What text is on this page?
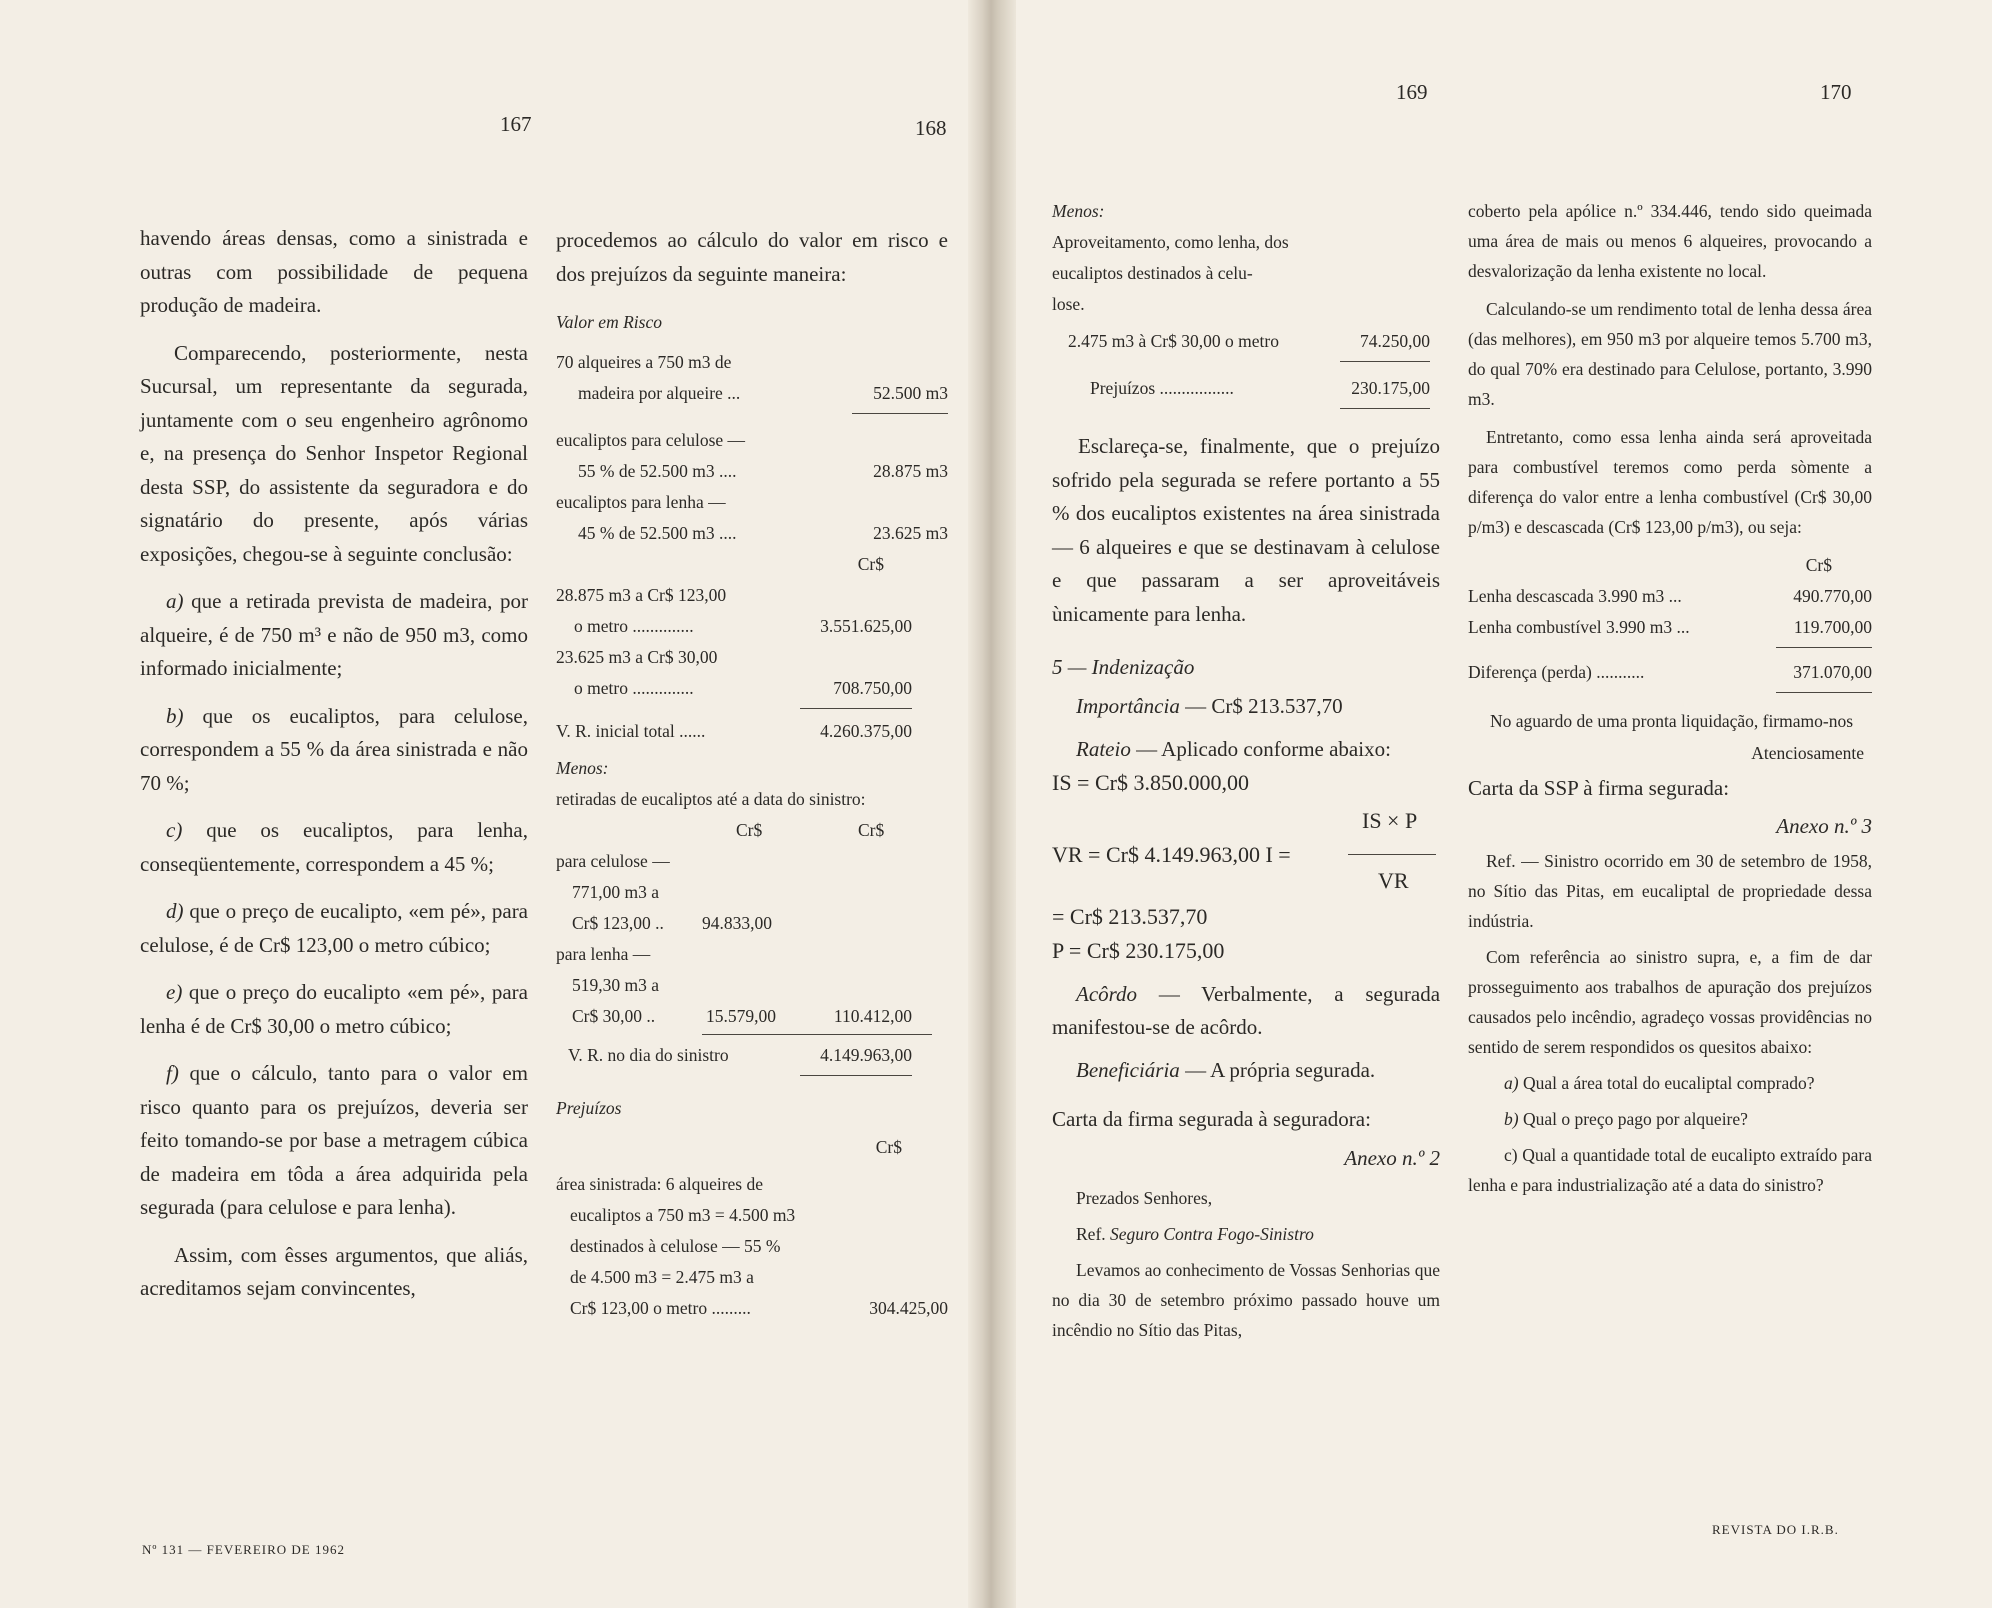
167	168
169	170

havendo áreas densas, como a sinistrada e outras com possibilidade de pequena produção de madeira.

Comparecendo, posteriormente, nesta Sucursal, um representante da segurada, juntamente com o seu engenheiro agrônomo e, na presença do Senhor Inspetor Regional desta SSP, do assistente da seguradora e do signatário do presente, após várias exposições, chegou-se à seguinte conclusão:

a) que a retirada prevista de madeira, por alqueire, é de 750 m³ e não de 950 m3, como informado inicialmente;

b) que os eucaliptos, para celulose, correspondem a 55 % da área sinistrada e não 70 %;

c) que os eucaliptos, para lenha, conseqüentemente, correspondem a 45 %;

d) que o preço de eucalipto, «em pé», para celulose, é de Cr$ 123,00 o metro cúbico;

e) que o preço do eucalipto «em pé», para lenha é de Cr$ 30,00 o metro cúbico;

f) que o cálculo, tanto para o valor em risco quanto para os prejuízos, deveria ser feito tomando-se por base a metragem cúbica de madeira em tôda a área adquirida pela segurada (para celulose e para lenha).

Assim, com êsses argumentos, que aliás, acreditamos sejam convincentes,

procedemos ao cálculo do valor em risco e dos prejuízos da seguinte maneira:

Valor em Risco
70 alqueires a 750 m3 de
madeira por alqueire ...	52.500 m3
eucaliptos para celulose —
55 % de 52.500 m3 ....	28.875 m3
eucaliptos para lenha —
45 % de 52.500 m3 ....	23.625 m3
Cr$
28.875 m3 a Cr$ 123,00
o metro ..............	3.551.625,00
23.625 m3 a Cr$ 30,00
o metro ..............	708.750,00
V. R. inicial total ......	4.260.375,00
Menos:
retiradas de eucaliptos até a data do sinistro:
Cr$	Cr$
para celulose —
771,00 m3 a
Cr$ 123,00 .. 94.833,00
para lenha —
519,30 m3 a
Cr$ 30,00 ..	15.579,00	110.412,00
V. R. no dia do sinistro	4.149.963,00
Prejuízos
Cr$
área sinistrada: 6 alqueires de
eucaliptos a 750 m3 = 4.500 m3
destinados à celulose — 55 %
de 4.500 m3 = 2.475 m3 a
Cr$ 123,00 o metro .........	304.425,00
Menos:
Aproveitamento, como lenha, dos
eucaliptos destinados à celu-
lose.
2.475 m3 à Cr$ 30,00 o metro	74.250,00
Prejuízos .................	230.175,00

Esclareça-se, finalmente, que o prejuízo sofrido pela segurada se refere portanto a 55 % dos eucaliptos existentes na área sinistrada — 6 alqueires e que se destinavam à celulose e que passaram a ser aproveitáveis ùnicamente para lenha.

5 — Indenização
Importância — Cr$ 213.537,70
Rateio — Aplicado conforme abaixo:
IS = Cr$ 3.850.000,00
IS × P
VR = Cr$ 4.149.963,00 I =
VR
= Cr$ 213.537,70
P = Cr$ 230.175,00

Acôrdo — Verbalmente, a segurada manifestou-se de acôrdo.

Beneficiária — A própria segurada.

Carta da firma segurada à seguradora:
Anexo n.º 2
Prezados Senhores,
Ref. Seguro Contra Fogo-Sinistro

Levamos ao conhecimento de Vossas Senhorias que no dia 30 de setembro próximo passado houve um incêndio no Sítio das Pitas,

coberto pela apólice n.º 334.446, tendo sido queimada uma área de mais ou menos 6 alqueires, provocando a desvalorização da lenha existente no local.

Calculando-se um rendimento total de lenha dessa área (das melhores), em 950 m3 por alqueire temos 5.700 m3, do qual 70% era destinado para Celulose, portanto, 3.990 m3.

Entretanto, como essa lenha ainda será aproveitada para combustível teremos como perda sòmente a diferença do valor entre a lenha combustível (Cr$ 30,00 p/m3) e descascada (Cr$ 123,00 p/m3), ou seja:

Cr$
Lenha descascada 3.990 m3 ...	490.770,00
Lenha combustível 3.990 m3 ...	119.700,00
Diferença (perda) ...........	371.070,00

No aguardo de uma pronta liquidação, firmamo-nos

Atenciosamente
Carta da SSP à firma segurada:
Anexo n.º 3

Ref. — Sinistro ocorrido em 30 de setembro de 1958, no Sítio das Pitas, em eucaliptal de propriedade dessa indústria.

Com referência ao sinistro supra, e, a fim de dar prosseguimento aos trabalhos de apuração dos prejuízos causados pelo incêndio, agradeço vossas providências no sentido de serem respondidos os quesitos abaixo:

a) Qual a área total do eucaliptal comprado?

b) Qual o preço pago por alqueire?

c) Qual a quantidade total de eucalipto extraído para lenha e para industrialização até a data do sinistro?

Nº 131 — FEVEREIRO DE 1962
REVISTA DO I.R.B.
